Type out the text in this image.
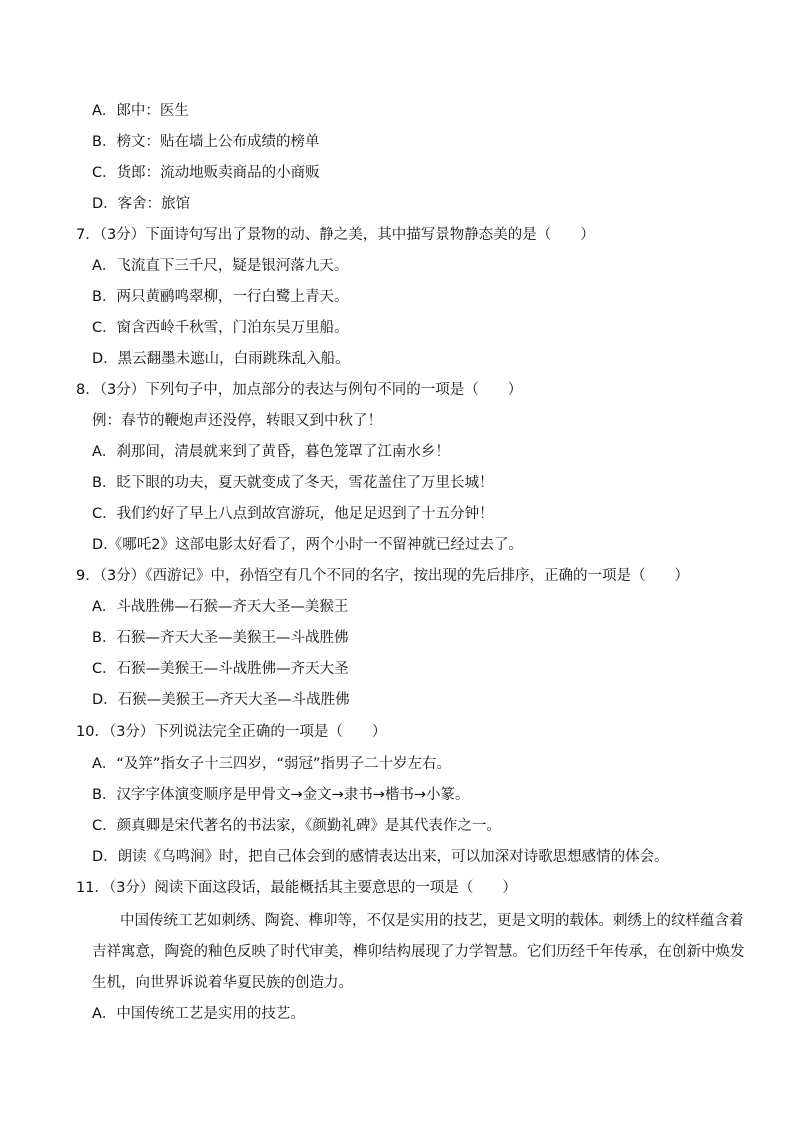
A．郎中：医生
B．榜文：贴在墙上公布成绩的榜单
C．货郎：流动地贩卖商品的小商贩
D．客舍：旅馆
7．（3分）下面诗句写出了景物的动、静之美，其中描写景物静态美的是（　　）
A．飞流直下三千尺，疑是银河落九天。
B．两只黄鹂鸣翠柳，一行白鹭上青天。
C．窗含西岭千秋雪，门泊东吴万里船。
D．黑云翻墨未遮山，白雨跳珠乱入船。
8．（3分）下列句子中，加点部分的表达与例句不同的一项是（　　）
例：春节的鞭炮声还没停，转眼又到中秋了！
A．刹那间，清晨就来到了黄昏，暮色笼罩了江南水乡！
B．眨下眼的功夫，夏天就变成了冬天，雪花盖住了万里长城！
C．我们约好了早上八点到故宫游玩，他足足迟到了十五分钟！
D.《哪吒2》这部电影太好看了，两个小时一不留神就已经过去了。
9．（3分）《西游记》中，孙悟空有几个不同的名字，按出现的先后排序，正确的一项是（　　）
A．斗战胜佛—石猴—齐天大圣—美猴王
B．石猴—齐天大圣—美猴王—斗战胜佛
C．石猴—美猴王—斗战胜佛—齐天大圣
D．石猴—美猴王—齐天大圣—斗战胜佛
10．（3分）下列说法完全正确的一项是（　　）
A．“及笄”指女子十三四岁，“弱冠”指男子二十岁左右。
B．汉字字体演变顺序是甲骨文→金文→隶书→楷书→小篆。
C．颜真卿是宋代著名的书法家，《颜勤礼碑》是其代表作之一。
D．朗读《乌鸣涧》时，把自己体会到的感情表达出来，可以加深对诗歌思想感情的体会。
11．（3分）阅读下面这段话，最能概括其主要意思的一项是（　　）
中国传统工艺如刺绣、陶瓷、榫卯等，不仅是实用的技艺，更是文明的载体。刺绣上的纹样蕴含着
吉祥寓意，陶瓷的釉色反映了时代审美，榫卯结构展现了力学智慧。它们历经千年传承，在创新中焕发
生机，向世界诉说着华夏民族的创造力。
A．中国传统工艺是实用的技艺。
